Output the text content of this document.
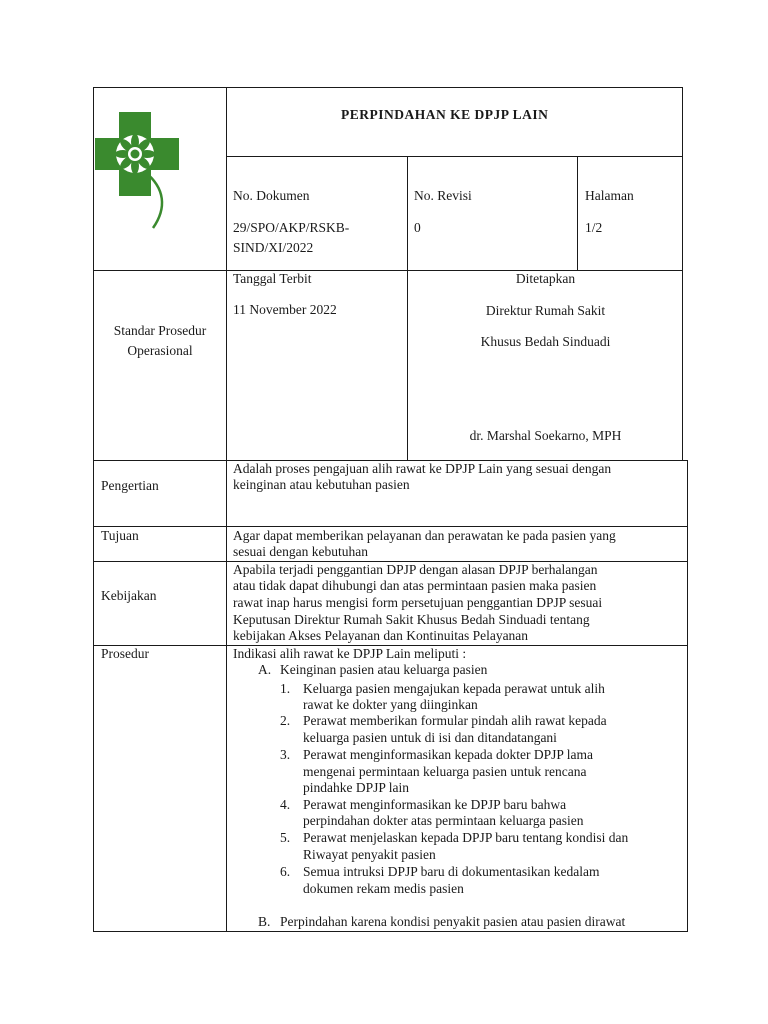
PERPINDAHAN KE DPJP LAIN
No. Dokumen
29/SPO/AKP/RSKB-
SIND/XI/2022
No. Revisi
0
Halaman
1/2
Standar Prosedur
Operasional
Tanggal Terbit
11 November 2022
Ditetapkan
Direktur Rumah Sakit
Khusus Bedah Sinduadi
dr. Marshal Soekarno, MPH
Pengertian
Adalah proses pengajuan alih rawat ke DPJP Lain yang sesuai dengan
keinginan atau kebutuhan pasien
Tujuan	Agar dapat memberikan pelayanan dan perawatan ke pada pasien yang
sesuai dengan kebutuhan
Kebijakan
Apabila terjadi penggantian DPJP dengan alasan DPJP berhalangan
atau tidak dapat dihubungi dan atas permintaan pasien maka pasien
rawat inap harus mengisi form persetujuan penggantian DPJP sesuai
Keputusan Direktur Rumah Sakit Khusus Bedah Sinduadi tentang
kebijakan Akses Pelayanan dan Kontinuitas Pelayanan
Prosedur	Indikasi alih rawat ke DPJP Lain meliputi :
A. Keinginan pasien atau keluarga pasien
1. Keluarga pasien mengajukan kepada perawat untuk alih
rawat ke dokter yang diinginkan
2. Perawat memberikan formular pindah alih rawat kepada
keluarga pasien untuk di isi dan ditandatangani
3. Perawat menginformasikan kepada dokter DPJP lama
mengenai permintaan keluarga pasien untuk rencana
pindahke DPJP lain
4. Perawat menginformasikan ke DPJP baru bahwa
perpindahan dokter atas permintaan keluarga pasien
5. Perawat menjelaskan kepada DPJP baru tentang kondisi dan
Riwayat penyakit pasien
6. Semua intruksi DPJP baru di dokumentasikan kedalam
dokumen rekam medis pasien
B. Perpindahan karena kondisi penyakit pasien atau pasien dirawat
